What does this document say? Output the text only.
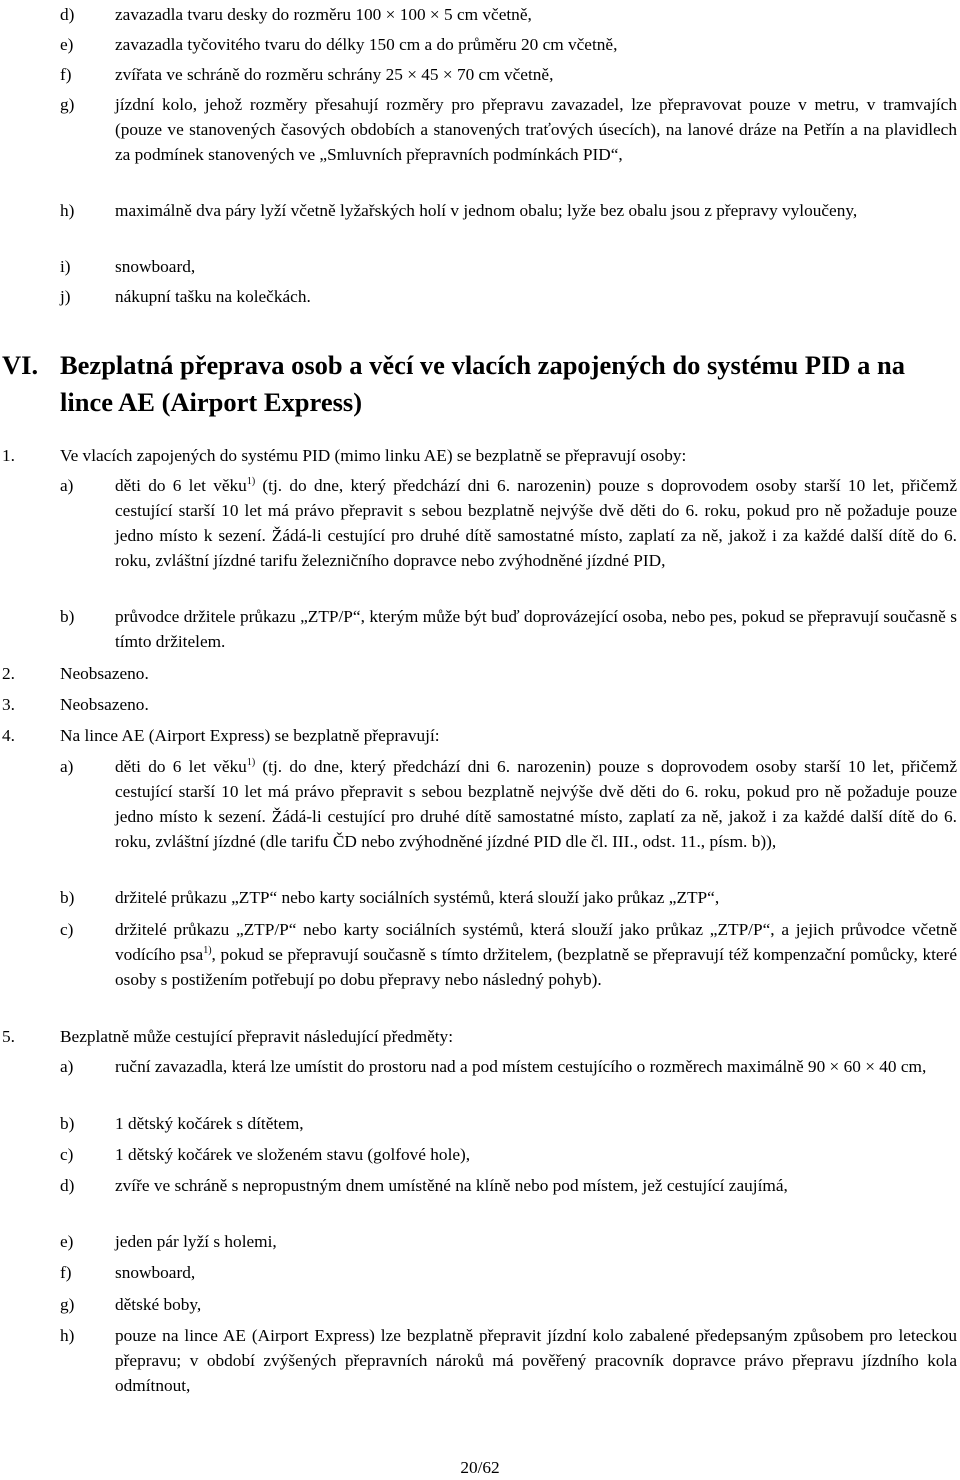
d) zavazadla tvaru desky do rozměru 100 × 100 × 5 cm včetně,
e) zavazadla tyčovitého tvaru do délky 150 cm a do průměru 20 cm včetně,
f)	zvířata ve schráně do rozměru schrány 25 × 45 × 70 cm včetně,
g) jízdní kolo, jehož rozměry přesahují rozměry pro přepravu zavazadel, lze přepravovat pouze v metru, v tramvajích (pouze ve stanovených časových obdobích a stanovených traťových úsecích), na lanové dráze na Petřín a na plavidlech za podmínek stanovených ve „Smluvních přepravních podmínkách PID“,
h) maximálně dva páry lyží včetně lyžařských holí v jednom obalu; lyže bez obalu jsou z přepravy vyloučeny,
i)	snowboard,
j)	nákupní tašku na kolečkách.
VI. Bezplatná přeprava osob a věcí ve vlacích zapojených do systému PID a na lince AE (Airport Express)
1.	Ve vlacích zapojených do systému PID (mimo linku AE) se bezplatně se přepravují osoby:
a) děti do 6 let věku$^{1)}$ (tj. do dne, který předchází dni 6. narozenin) pouze s doprovodem osoby starší 10 let, přičemž cestující starší 10 let má právo přepravit s sebou bezplatně nejvýše dvě děti do 6. roku, pokud pro ně požaduje pouze jedno místo k sezení. Žádá-li cestující pro druhé dítě samostatné místo, zaplatí za ně, jakož i za každé další dítě do 6. roku, zvláštní jízdné tarifu železničního dopravce nebo zvýhodněné jízdné PID,
b) průvodce držitele průkazu „ZTP/P“, kterým může být buď doprovázející osoba, nebo pes, pokud se přepravují současně s tímto držitelem.
2.	Neobsazeno.
3.	Neobsazeno.
4.	Na lince AE (Airport Express) se bezplatně přepravují:
a) děti do 6 let věku$^{1)}$ (tj. do dne, který předchází dni 6. narozenin) pouze s doprovodem osoby starší 10 let, přičemž cestující starší 10 let má právo přepravit s sebou bezplatně nejvýše dvě děti do 6. roku, pokud pro ně požaduje pouze jedno místo k sezení. Žádá-li cestující pro druhé dítě samostatné místo, zaplatí za ně, jakož i za každé další dítě do 6. roku, zvláštní jízdné (dle tarifu ČD nebo zvýhodněné jízdné PID dle čl. III., odst. 11., písm. b)),
b) držitelé průkazu „ZTP“ nebo karty sociálních systémů, která slouží jako průkaz „ZTP“,
c) držitelé průkazu „ZTP/P“ nebo karty sociálních systémů, která slouží jako průkaz „ZTP/P“, a jejich průvodce včetně vodícího psa$^{1)}$, pokud se přepravují současně s tímto držitelem, (bezplatně se přepravují též kompenzační pomůcky, které osoby s postižením potřebují po dobu přepravy nebo následný pohyb).
5.	Bezplatně může cestující přepravit následující předměty:
a) ruční zavazadla, která lze umístit do prostoru nad a pod místem cestujícího o rozměrech maximálně 90 × 60 × 40 cm,
b) 1 dětský kočárek s dítětem,
c) 1 dětský kočárek ve složeném stavu (golfové hole),
d) zvíře ve schráně s nepropustným dnem umístěné na klíně nebo pod místem, jež cestující zaujímá,
e) jeden pár lyží s holemi,
f)	snowboard,
g) dětské boby,
h) pouze na lince AE (Airport Express) lze bezplatně přepravit jízdní kolo zabalené předepsaným způsobem pro leteckou přepravu; v období zvýšených přepravních nároků má pověřený pracovník dopravce právo přepravu jízdního kola odmítnout,
20/62
